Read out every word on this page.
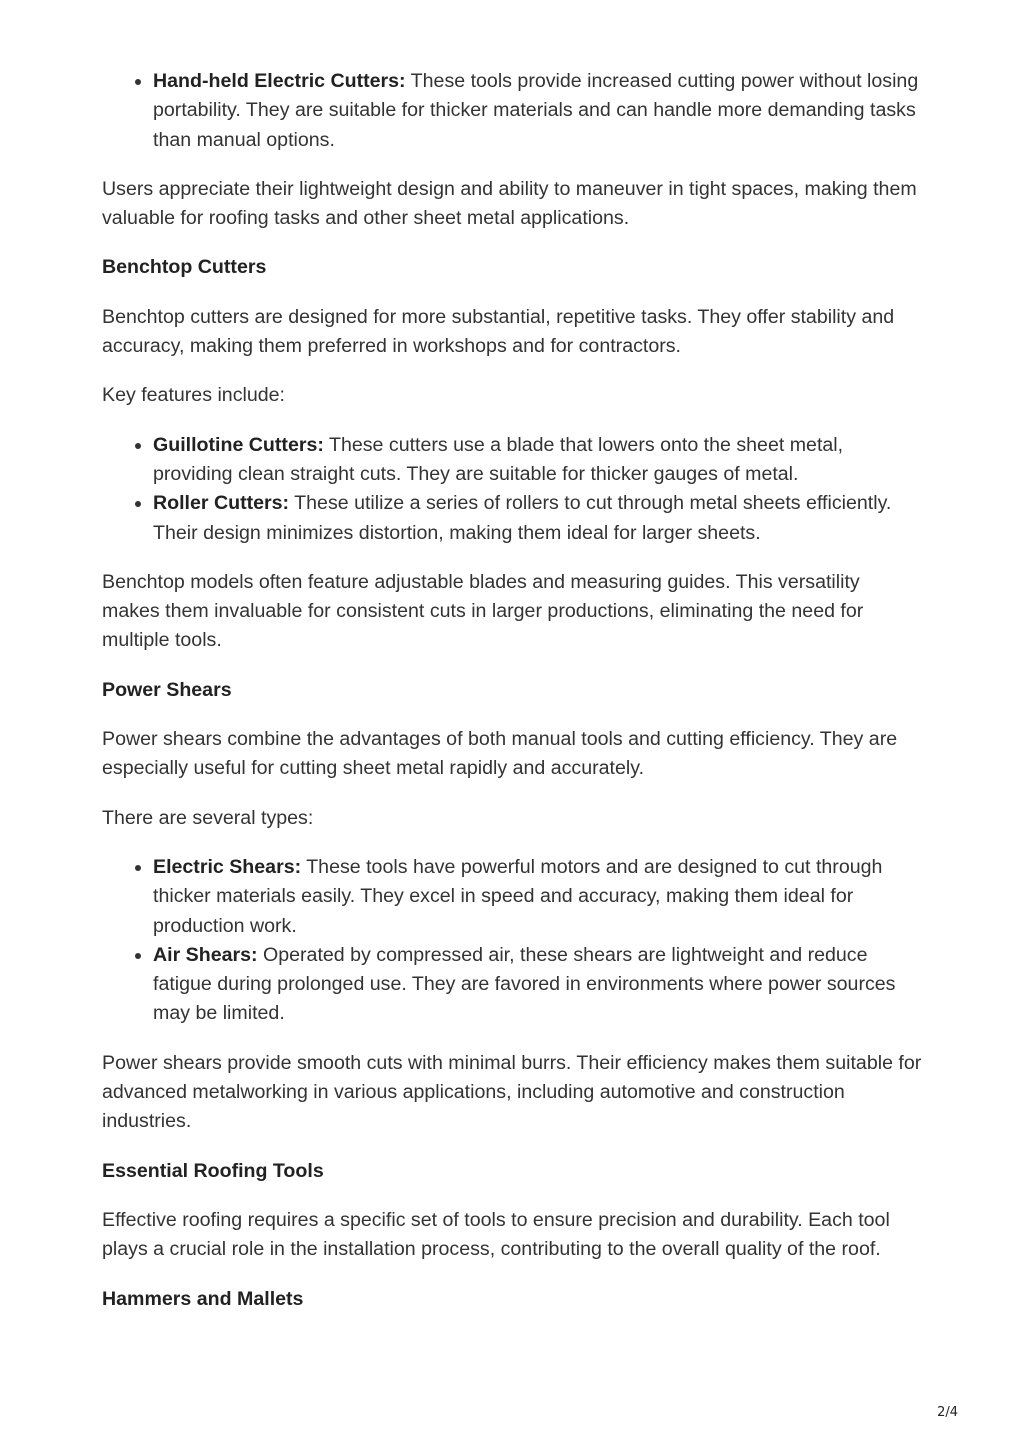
• Hand-held Electric Cutters: These tools provide increased cutting power without losing portability. They are suitable for thicker materials and can handle more demanding tasks than manual options.

Users appreciate their lightweight design and ability to maneuver in tight spaces, making them valuable for roofing tasks and other sheet metal applications.

Benchtop Cutters

Benchtop cutters are designed for more substantial, repetitive tasks. They offer stability and accuracy, making them preferred in workshops and for contractors.

Key features include:

• Guillotine Cutters: These cutters use a blade that lowers onto the sheet metal, providing clean straight cuts. They are suitable for thicker gauges of metal.
• Roller Cutters: These utilize a series of rollers to cut through metal sheets efficiently. Their design minimizes distortion, making them ideal for larger sheets.

Benchtop models often feature adjustable blades and measuring guides. This versatility makes them invaluable for consistent cuts in larger productions, eliminating the need for multiple tools.

Power Shears

Power shears combine the advantages of both manual tools and cutting efficiency. They are especially useful for cutting sheet metal rapidly and accurately.

There are several types:

• Electric Shears: These tools have powerful motors and are designed to cut through thicker materials easily. They excel in speed and accuracy, making them ideal for production work.
• Air Shears: Operated by compressed air, these shears are lightweight and reduce fatigue during prolonged use. They are favored in environments where power sources may be limited.

Power shears provide smooth cuts with minimal burrs. Their efficiency makes them suitable for advanced metalworking in various applications, including automotive and construction industries.

Essential Roofing Tools

Effective roofing requires a specific set of tools to ensure precision and durability. Each tool plays a crucial role in the installation process, contributing to the overall quality of the roof.

Hammers and Mallets
2/4
